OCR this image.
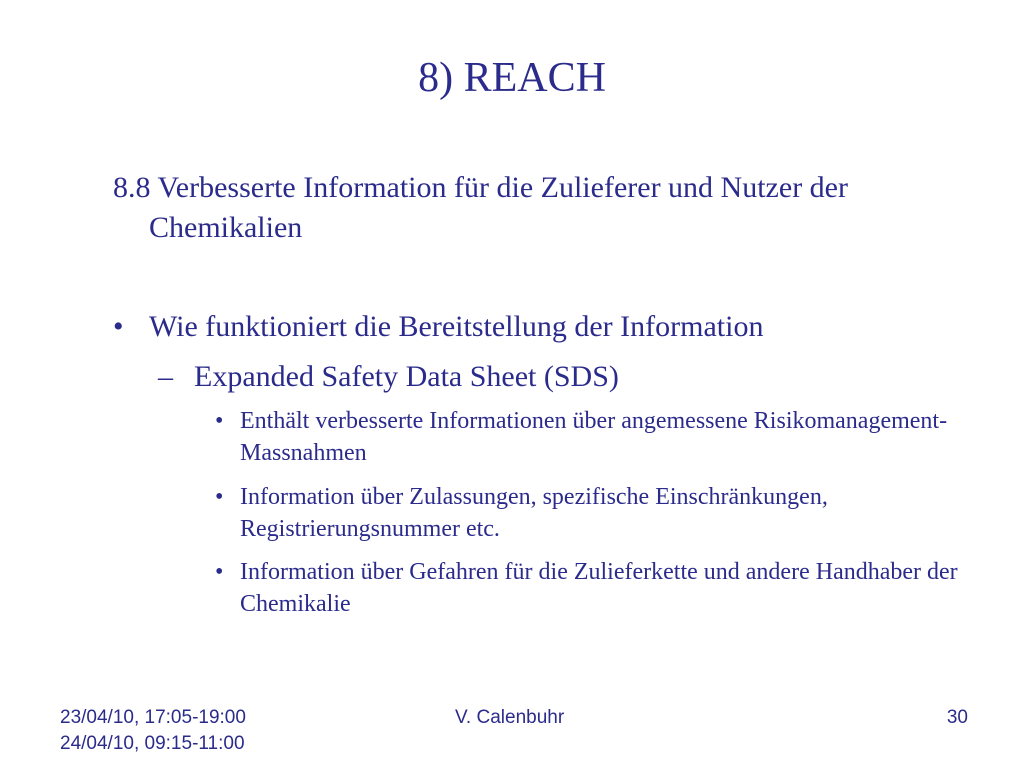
8) REACH
8.8 Verbesserte Information für die Zulieferer und Nutzer der Chemikalien
• Wie funktioniert die Bereitstellung der Information
– Expanded Safety Data Sheet (SDS)
• Enthält verbesserte Informationen über angemessene Risikomanagement-Massnahmen
• Information über Zulassungen, spezifische Einschränkungen, Registrierungsnummer etc.
• Information über Gefahren für die Zulieferkette und andere Handhaber der Chemikalie
23/04/10, 17:05-19:00
24/04/10, 09:15-11:00
V. Calenbuhr	30
